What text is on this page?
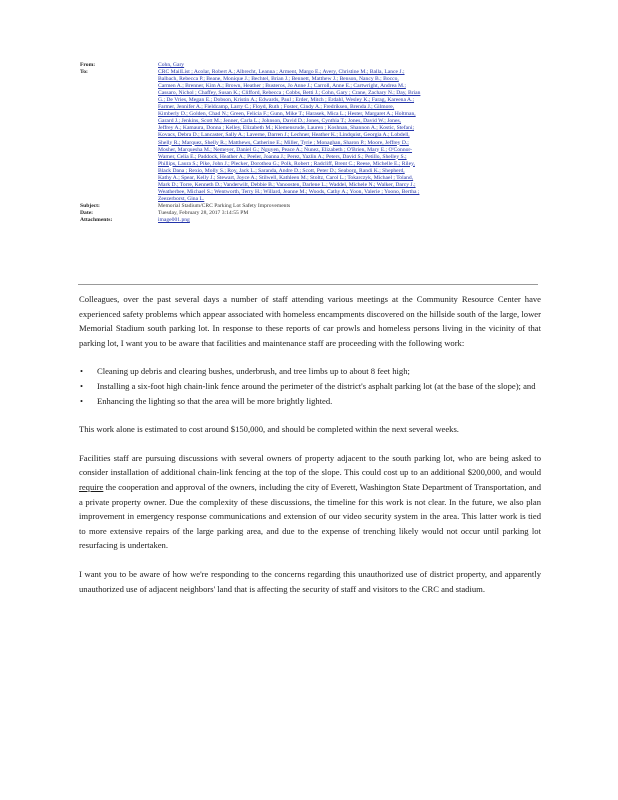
From:	Cohn, Gary
To:	CRC MailList ; Acolar, Robert A.; Albrecht, Leanna ; Arment, Margo E.; Avery, Christine M.; Balla, Lance J.;
Balbach, Rebecca P.; Beane, Monique J.; Bechtel, Brian J.; Bennett, Matthew J.; Benson, Nancy B.; Bocco,
Carmen A.; Brenner, Kim A.; Brown, Heather ; Busteros, Jo Anne J.; Carroll, Anne E.; Cartwright, Andrea M.;
Cassaro, Nichol ; Chaffey, Susan K.; Clifford, Rebecca ; Cobbs, Betti J.; Cohn, Gary ; Crane, Zachary N.; Day, Brian
G.; De Vries, Megan E.; Dobson, Kristin A.; Edwards, Paul ; Erder, Mitch ; Erdahl, Wesley K.; Farag, Kareena A.;
Farmer, Jennifer A.; Fieldcamp, Larry C.; Floyd, Ruth ; Foster, Cindy A.; Fredriksen, Brenda J.; Gilmore,
Kimberly D.; Golden, Chad N.; Green, Felicia F.; Gunn, Mike T.; Harasek, Mica L.; Hester, Margaret A.; Holtman,
Garard J.; Jenkins, Scott M.; Jenner, Carla L.; Johnson, David D.; Jones, Cynthia T.; Jones, David W.; Jones,
Jeffrey A.; Kamaura, Donna ; Kelley, Elizabeth M.; Klemensrude, Lauren ; Koshnan, Shannon A.; Kostic, Stefani;
Kovacs, Debra D.; Lancaster, Sally A.; Laverne, Darren J.; Lechner, Heather K.; Lindquist, Georgia A.; Lobdell,
Shelly R.; Marquez, Shelly R.; Matthews, Catherine E.; Miller, Tyrie ; Monaghan, Sharon P.; Moore, Jeffrey D.;
Mosher, Marquesha M.; Nemeyer, Daniel G.; Nguyen, Peace A.; Nunez, Elizabeth ; O'Brien, Mary E.; O'Connor-
Warner, Celia E.; Paddock, Heather A.; Peeler, Joanna J.; Perez, Yazlin A.; Peters, David S.; Petillo, Shelley S.;
Phillips, Laura S.; Pike, John J.; Plecker, Dorothea G.; Polk, Robert ; Radcliff, Brent C.; Reese, Michelle E.; Riley,
Black Dana ; Rexio, Molly S.; Roy, Jack L.; Saranda, Andre D.; Scott, Peter D.; Seaborg, Randi K.; Shepherd,
Kathy A.; Spear, Kelly J.; Stewart, Joyce A.; Stilwell, Kathleen M.; Stoltz, Carol L.; Tokarczyk, Michael ; Toland,
Mark D.; Torre, Kenneth D.; Vanderwilt, Debbie B.; Vanoosten, Darlene L.; Waddel, Michele N.; Walker, Darcy J.;
Weatherbee, Michael S.; Wentworth, Terry H.; Willard, Jeanne M.; Woods, Cathy A.; Yoon, Valerie ; Yoono, Bertha ;
Zeezerborst, Gina L.
Subject:	Memorial Stadium/CRC Parking Lot Safety Improvements
Date:	Tuesday, February 28, 2017 3:14:55 PM
Attachments:	image001.png

Colleagues, over the past several days a number of staff attending various meetings at the Community Resource Center have experienced safety problems which appear associated with homeless encampments discovered on the hillside south of the large, lower Memorial Stadium south parking lot. In response to these reports of car prowls and homeless persons living in the vicinity of that parking lot, I want you to be aware that facilities and maintenance staff are proceeding with the following work:

• Cleaning up debris and clearing bushes, underbrush, and tree limbs up to about 8 feet high;
• Installing a six-foot high chain-link fence around the perimeter of the district's asphalt parking lot (at the base of the slope); and
• Enhancing the lighting so that the area will be more brightly lighted.

This work alone is estimated to cost around $150,000, and should be completed within the next several weeks.

Facilities staff are pursuing discussions with several owners of property adjacent to the south parking lot, who are being asked to consider installation of additional chain-link fencing at the top of the slope. This could cost up to an additional $200,000, and would require the cooperation and approval of the owners, including the city of Everett, Washington State Department of Transportation, and a private property owner. Due the complexity of these discussions, the timeline for this work is not clear. In the future, we also plan improvement in emergency response communications and extension of our video security system in the area. This latter work is tied to more extensive repairs of the large parking area, and due to the expense of trenching likely would not occur until parking lot resurfacing is undertaken.

I want you to be aware of how we're responding to the concerns regarding this unauthorized use of district property, and apparently unauthorized use of adjacent neighbors' land that is affecting the security of staff and visitors to the CRC and stadium.
